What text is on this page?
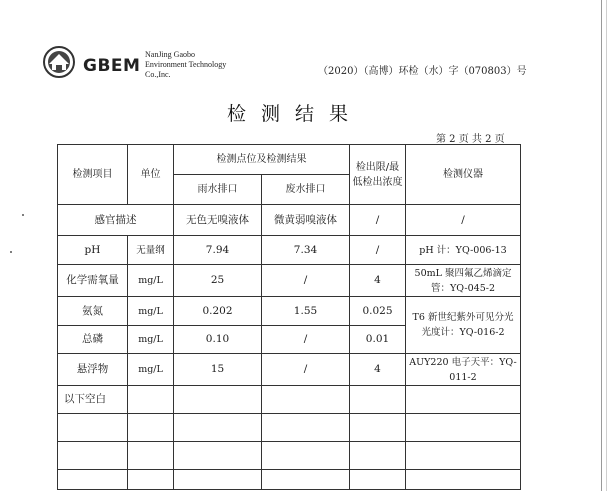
GBEM
NanJing Gaobo
Environment Technology
Co.,Inc.	（2020）（高博）环检（水）字（070803）号
检测结果
第 2 页 共 2 页
检测项目	单位	检测点位及检测结果		检出限/最低检出浓度	检测仪器
		雨水排口	废水排口		
感官描述		无色无嗅液体	微黄弱嗅液体	/	/
pH	无量纲	7.94	7.34	/	pH 计：YQ-006-13
化学需氧量	mg/L	25	/	4	50mL 聚四氟乙烯滴定管：YQ-045-2
氨氮	mg/L	0.202	1.55	0.025	T6 新世纪紫外可见分光光度计：YQ-016-2
总磷	mg/L	0.10	/	0.01	
悬浮物	mg/L	15	/	4	AUY220 电子天平：YQ-011-2
以下空白					
